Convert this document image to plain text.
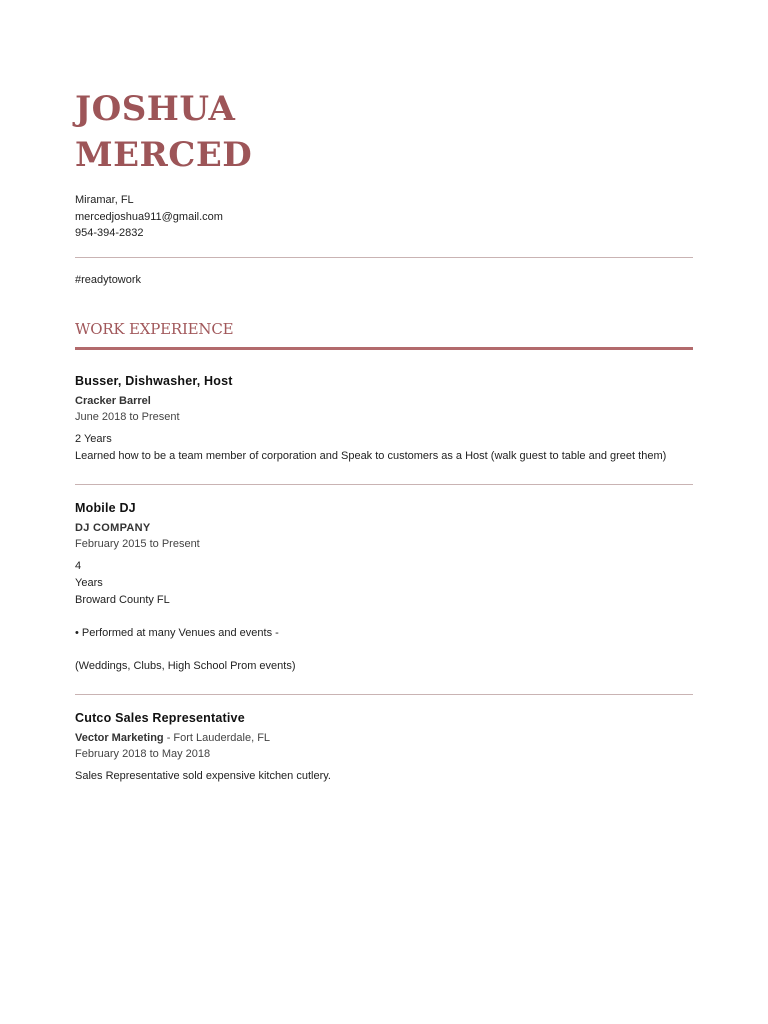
JOSHUA
MERCED
Miramar, FL
mercedjoshua911@gmail.com
954-394-2832
#readytowork
WORK EXPERIENCE
Busser, Dishwasher, Host
Cracker Barrel
June 2018 to Present
2 Years
Learned how to be a team member of corporation and Speak to customers as a Host (walk guest to table and greet them)
Mobile DJ
DJ COMPANY
February 2015 to Present
4
Years
Broward County FL
• Performed at many Venues and events -
(Weddings, Clubs, High School Prom events)
Cutco Sales Representative
Vector Marketing - Fort Lauderdale, FL
February 2018 to May 2018
Sales Representative sold expensive kitchen cutlery.
